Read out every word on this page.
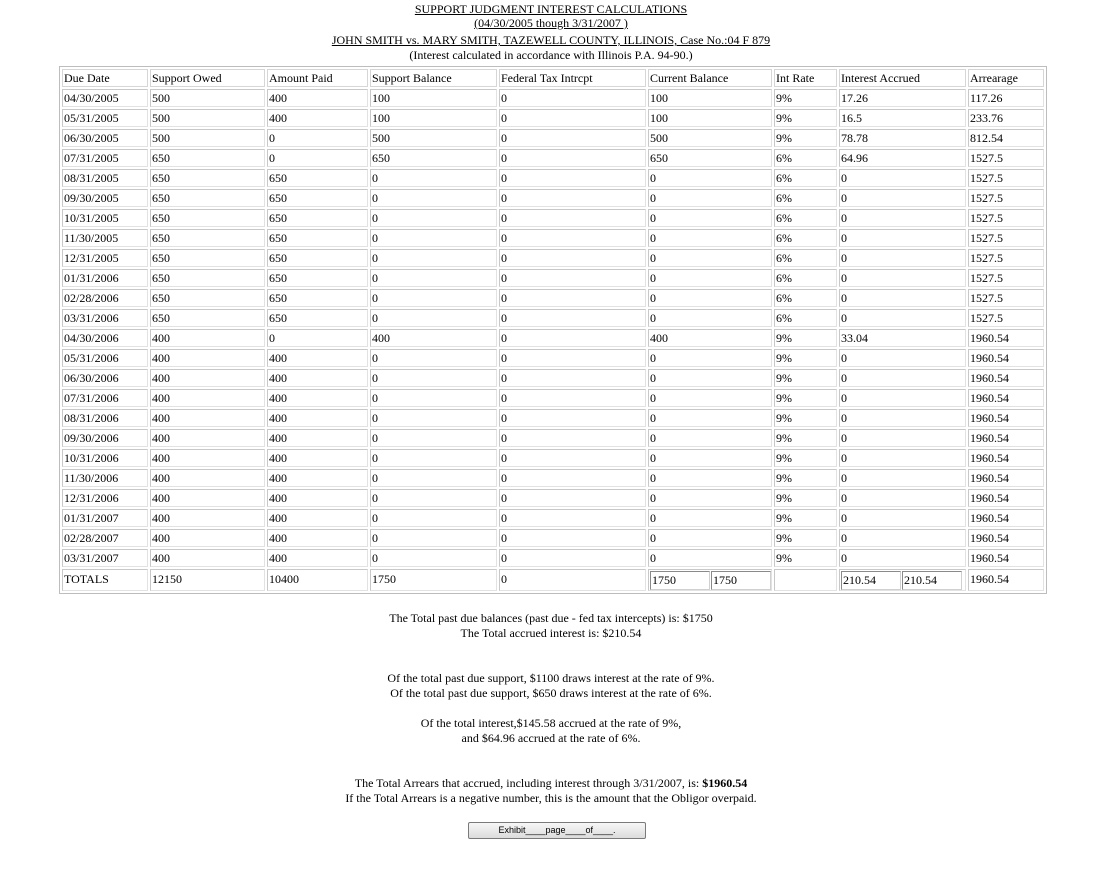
SUPPORT JUDGMENT INTEREST CALCULATIONS
(04/30/2005 though 3/31/2007 )
JOHN SMITH vs. MARY SMITH, TAZEWELL COUNTY, ILLINOIS, Case No.:04 F 879
(Interest calculated in accordance with Illinois P.A. 94-90.)
Due Date	Support Owed	Amount Paid	Support Balance	Federal Tax Intrcpt	Current Balance	Int Rate	Interest Accrued	Arrearage
04/30/2005	500	400	100	0	100	9%	17.26	117.26
05/31/2005	500	400	100	0	100	9%	16.5	233.76
06/30/2005	500	0	500	0	500	9%	78.78	812.54
07/31/2005	650	0	650	0	650	6%	64.96	1527.5
08/31/2005	650	650	0	0	0	6%	0	1527.5
09/30/2005	650	650	0	0	0	6%	0	1527.5
10/31/2005	650	650	0	0	0	6%	0	1527.5
11/30/2005	650	650	0	0	0	6%	0	1527.5
12/31/2005	650	650	0	0	0	6%	0	1527.5
01/31/2006	650	650	0	0	0	6%	0	1527.5
02/28/2006	650	650	0	0	0	6%	0	1527.5
03/31/2006	650	650	0	0	0	6%	0	1527.5
04/30/2006	400	0	400	0	400	9%	33.04	1960.54
05/31/2006	400	400	0	0	0	9%	0	1960.54
06/30/2006	400	400	0	0	0	9%	0	1960.54
07/31/2006	400	400	0	0	0	9%	0	1960.54
08/31/2006	400	400	0	0	0	9%	0	1960.54
09/30/2006	400	400	0	0	0	9%	0	1960.54
10/31/2006	400	400	0	0	0	9%	0	1960.54
11/30/2006	400	400	0	0	0	9%	0	1960.54
12/31/2006	400	400	0	0	0	9%	0	1960.54
01/31/2007	400	400	0	0	0	9%	0	1960.54
02/28/2007	400	400	0	0	0	9%	0	1960.54
03/31/2007	400	400	0	0	0	9%	0	1960.54
TOTALS	12150	10400	1750	0	1750 1750		210.54 210.54	1960.54
The Total past due balances (past due - fed tax intercepts) is: $1750
The Total accrued interest is: $210.54
Of the total past due support, $1100 draws interest at the rate of 9%.
Of the total past due support, $650 draws interest at the rate of 6%.
Of the total interest,$145.58 accrued at the rate of 9%,
and $64.96 accrued at the rate of 6%.
The Total Arrears that accrued, including interest through 3/31/2007, is: $1960.54
If the Total Arrears is a negative number, this is the amount that the Obligor overpaid.
Exhibit____page____of____.
